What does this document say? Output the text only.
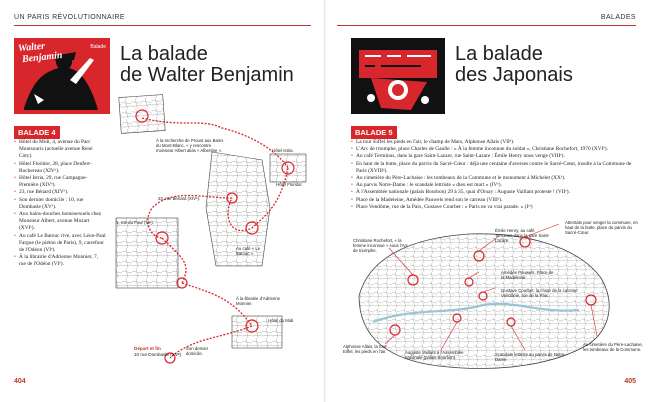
UN PARIS RÉVOLUTIONNAIRE
Walter
Benjamin
Balade La balade
de Walter Benjamin
BALADE 4
• Hôtel du Midi, 4, avenue du Parc Montsouris (actuelle avenue René Coty).
• Hôtel Floridor, 28, place Denfert-Rochereau (XIVᵉ).
• Hôtel Istria, 29, rue Campagne-Première (XIVᵉ).
• 23, rue Bénard (XIVᵉ).
• Son dernier domicile : 10, rue Dombasle (XVᵉ).
• Aux bains-douches homosexuels chez Monsieur Albert, avenue Mozart (XVIᵉ).
• Au café Le Batouc rive, avec Léon-Paul Fargue (le piéton de Paris), 9, carrefour de l'Odéon (VIᵉ).
• À la librairie d'Adrienne Monnier, 7, rue de l'Odéon (VIᵉ).
À la recherche de Proust aux Bains du Mont-Blanc, « y rencontre monsieur Albert alias « Albertine ».	Hôtel Istria.
Hôtel Floridor.
23, rue Bénard (XIVᵉ).
1, rue du Four (VIᵉ).
Au café « Le Batouc ».
À la librairie d'Adrienne Monnier.
Hôtel du Midi.
Son dernier domicile.
Départ et fin
10 rue Dombasle (XVᵉ)
404
BALADES
La balade
des Japonais
BALADE 5
• La tour Eiffel les pieds en l'air, le champ de Mars, Alphonse Allais (VIIᵉ).
• L'Arc de triomphe, place Charles de Gaulle : « À la femme inconnue du soldat », Christiane Rochefort, 1970 (XVIᵉ).
• Au café Terminus, dans la gare Saint-Lazare, rue Saint-Lazare : Émile Henry nous venge (VIIIᵉ).
• En haut de la butte, place du parvis du Sacré-Cœur : déjà une centaine d'averses contre le Sacré-Cœur, insulte à la Commune de Paris (XVIIIᵉ).
• Au cimetière du Père-Lachaise : les tombeaux de la Commune et le monument à Michelet (XXᵉ).
• Au parvis Notre-Dame : le scandale lettriste « dieu est mort » (IVᵉ).
• À l'Assemblée nationale (palais Bourbon) 29 à 35, quai d'Orsay : Auguste Vaillant proteste ! (VIIᵉ).
• Place de la Madeleine, Amédée Pauwels rend son le carreau (VIIIᵉ).
• Place Vendôme, rue de la Paix, Gustave Courbet : « Paris ne va vrai parade. » (Iᵉʳ)
Émile Henry, au café Terminus dans la gare Saint-Lazare.
Attentats pour venger la commune, en haut de la butte, place du parvis du Sacré-Cœur.
Christiane Rochefort, « la femme inconnue » sous l'Arc de triomphe.
Amédée Pauwels, Place de la Madeleine.
Gustave Courbet, la chute de la colonne Vendôme, rue de la Paix.
Au cimetière du Père-Lachaise, les tombeaux de la Commune.
Alphonse Allais, la tour Eiffel, les pieds en l'air.	Auguste Vaillant à l'Assemblée nationale (palais Bourbon).
Scandale lettriste au parvis de Notre-Dame.
405
